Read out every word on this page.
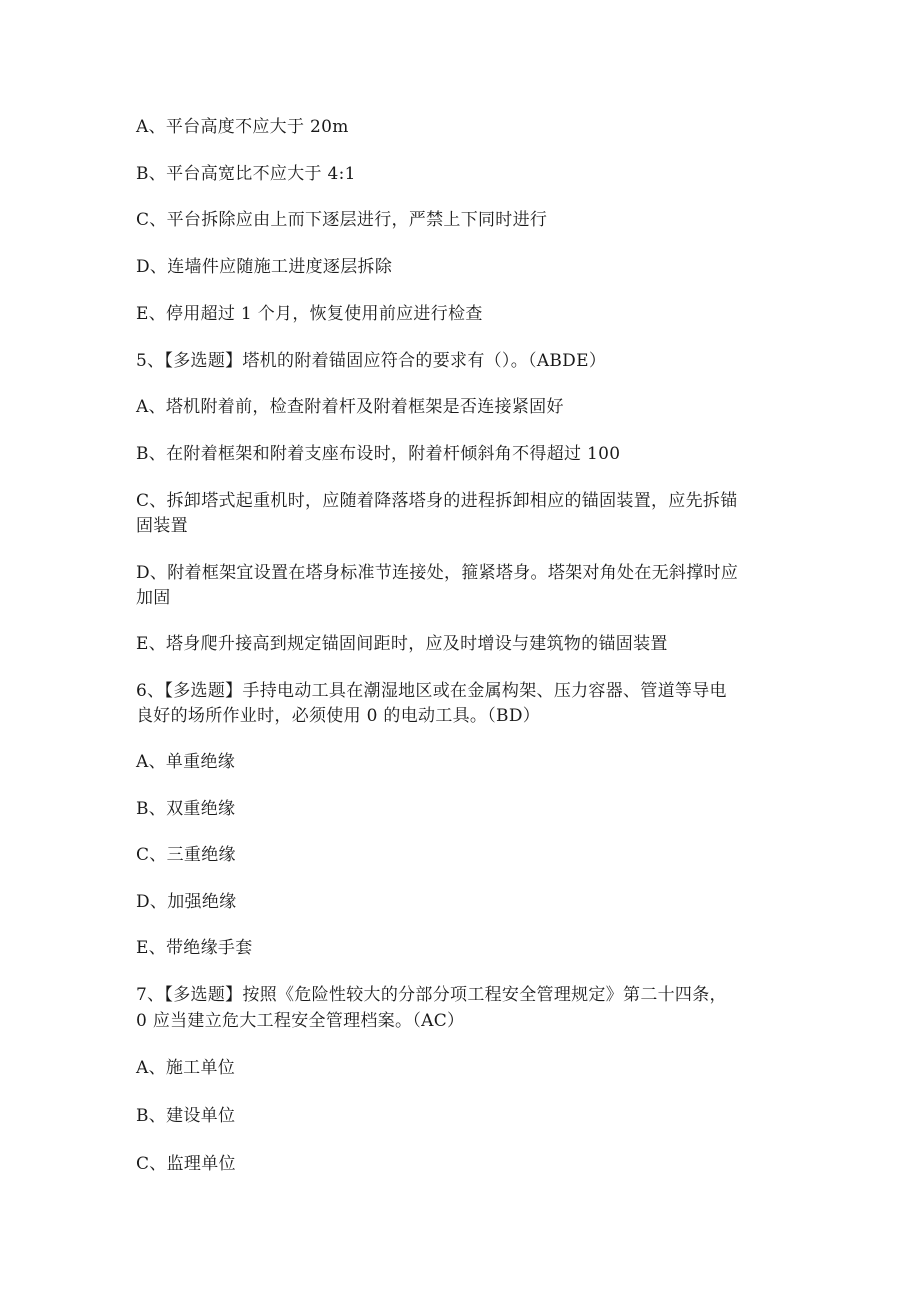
A、平台高度不应大于 20m
B、平台高宽比不应大于 4:1
C、平台拆除应由上而下逐层进行，严禁上下同时进行
D、连墙件应随施工进度逐层拆除
E、停用超过 1 个月，恢复使用前应进行检查
5、【多选题】塔机的附着锚固应符合的要求有（）。（ABDE）
A、塔机附着前，检查附着杆及附着框架是否连接紧固好
B、在附着框架和附着支座布设时，附着杆倾斜角不得超过 100
C、拆卸塔式起重机时，应随着降落塔身的进程拆卸相应的锚固装置，应先拆锚
固装置
D、附着框架宜设置在塔身标准节连接处，箍紧塔身。塔架对角处在无斜撑时应
加固
E、塔身爬升接高到规定锚固间距时，应及时增设与建筑物的锚固装置
6、【多选题】手持电动工具在潮湿地区或在金属构架、压力容器、管道等导电
良好的场所作业时，必须使用 0 的电动工具。（BD）
A、单重绝缘
B、双重绝缘
C、三重绝缘
D、加强绝缘
E、带绝缘手套
7、【多选题】按照《危险性较大的分部分项工程安全管理规定》第二十四条，
0 应当建立危大工程安全管理档案。（AC）
A、施工单位
B、建设单位
C、监理单位
